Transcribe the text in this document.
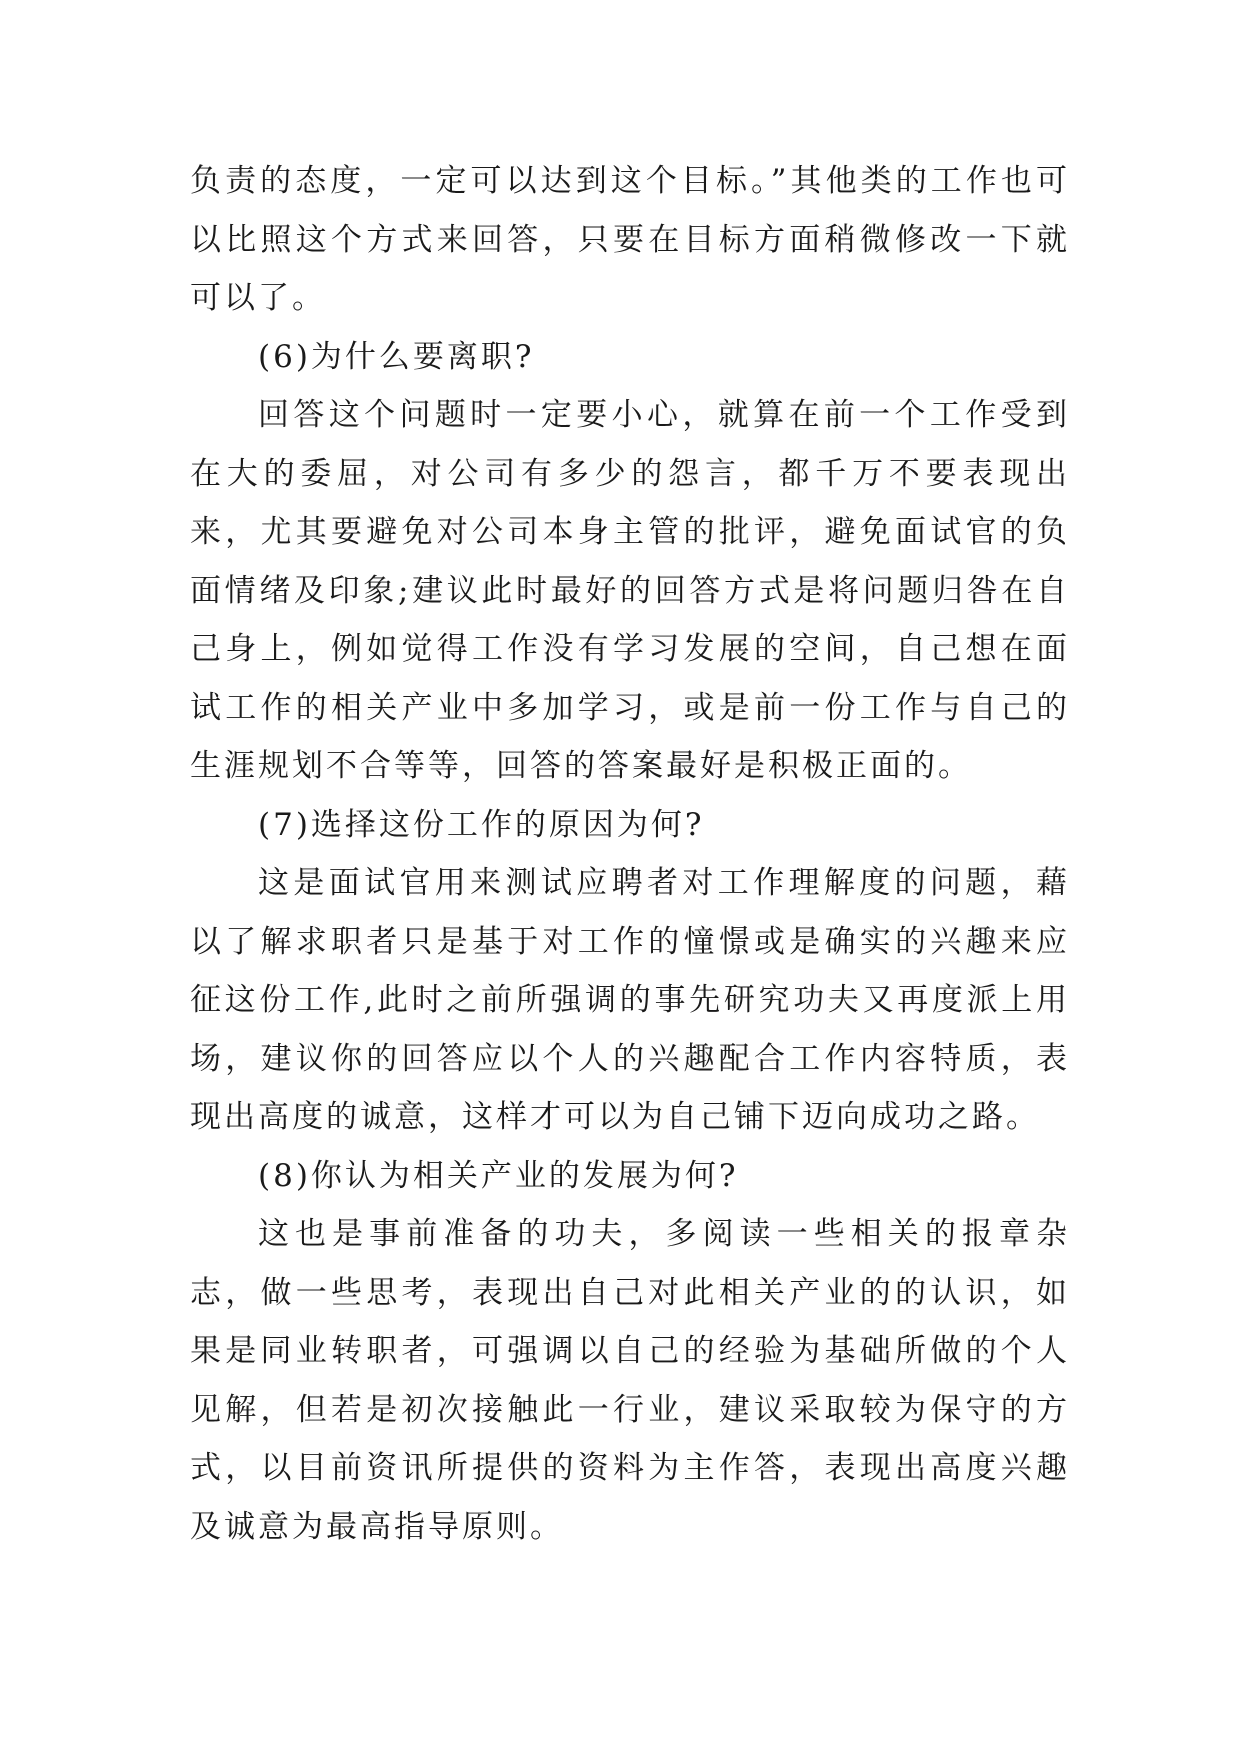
负责的态度，一定可以达到这个目标。”其他类的工作也可以比照这个方式来回答，只要在目标方面稍微修改一下就可以了。

(6)为什么要离职?

回答这个问题时一定要小心，就算在前一个工作受到在大的委屈，对公司有多少的怨言，都千万不要表现出来，尤其要避免对公司本身主管的批评，避免面试官的负面情绪及印象;建议此时最好的回答方式是将问题归咎在自己身上，例如觉得工作没有学习发展的空间，自己想在面试工作的相关产业中多加学习，或是前一份工作与自己的生涯规划不合等等，回答的答案最好是积极正面的。

(7)选择这份工作的原因为何?

这是面试官用来测试应聘者对工作理解度的问题，藉以了解求职者只是基于对工作的憧憬或是确实的兴趣来应征这份工作,此时之前所强调的事先研究功夫又再度派上用场，建议你的回答应以个人的兴趣配合工作内容特质，表现出高度的诚意，这样才可以为自己铺下迈向成功之路。

(8)你认为相关产业的发展为何?

这也是事前准备的功夫，多阅读一些相关的报章杂志，做一些思考，表现出自己对此相关产业的的认识，如果是同业转职者，可强调以自己的经验为基础所做的个人见解，但若是初次接触此一行业，建议采取较为保守的方式，以目前资讯所提供的资料为主作答，表现出高度兴趣及诚意为最高指导原则。
